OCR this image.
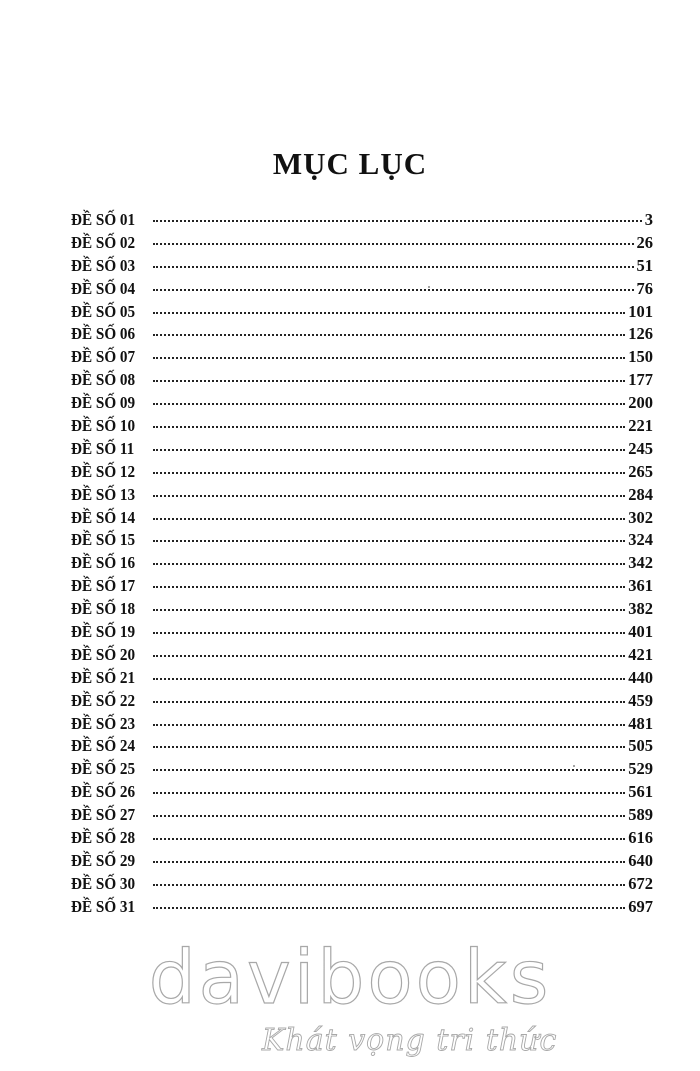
MỤC LỤC
ĐỀ SỐ 01	3
ĐỀ SỐ 02	26
ĐỀ SỐ 03	51
ĐỀ SỐ 04	76
ĐỀ SỐ 05	101
ĐỀ SỐ 06	126
ĐỀ SỐ 07	150
ĐỀ SỐ 08	177
ĐỀ SỐ 09	200
ĐỀ SỐ 10	221
ĐỀ SỐ 11	245
ĐỀ SỐ 12	265
ĐỀ SỐ 13	284
ĐỀ SỐ 14	302
ĐỀ SỐ 15	324
ĐỀ SỐ 16	342
ĐỀ SỐ 17	361
ĐỀ SỐ 18	382
ĐỀ SỐ 19	401
ĐỀ SỐ 20	421
ĐỀ SỐ 21	440
ĐỀ SỐ 22	459
ĐỀ SỐ 23	481
ĐỀ SỐ 24	505
ĐỀ SỐ 25	529
ĐỀ SỐ 26	561
ĐỀ SỐ 27	589
ĐỀ SỐ 28	616
ĐỀ SỐ 29	640
ĐỀ SỐ 30	672
ĐỀ SỐ 31	697
davibooks
Khát vọng tri thức
